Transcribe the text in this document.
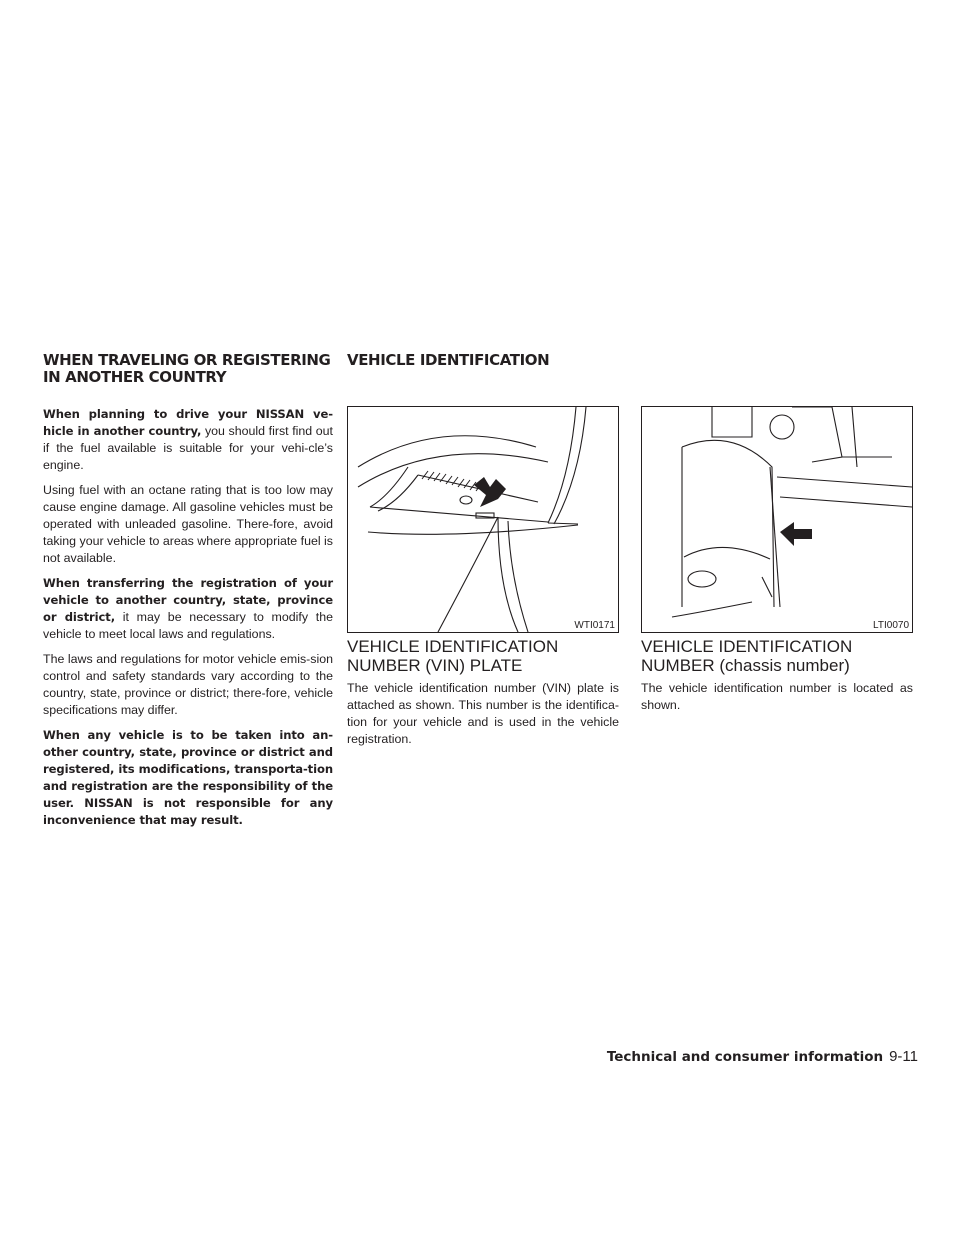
WHEN TRAVELING OR REGISTERING IN ANOTHER COUNTRY
VEHICLE IDENTIFICATION

When planning to drive your NISSAN ve-hicle in another country, you should first find out if the fuel available is suitable for your vehi-cle’s engine.

Using fuel with an octane rating that is too low may cause engine damage. All gasoline vehicles must be operated with unleaded gasoline. There-fore, avoid taking your vehicle to areas where appropriate fuel is not available.

When transferring the registration of your vehicle to another country, state, province or district, it may be necessary to modify the vehicle to meet local laws and regulations.

The laws and regulations for motor vehicle emis-sion control and safety standards vary according to the country, state, province or district; there-fore, vehicle specifications may differ.

When any vehicle is to be taken into an-other country, state, province or district and registered, its modifications, transporta-tion and registration are the responsibility of the user. NISSAN is not responsible for any inconvenience that may result.

WTI0171	LTI0070
VEHICLE IDENTIFICATION NUMBER (VIN) PLATE
VEHICLE IDENTIFICATION NUMBER (chassis number)

The vehicle identification number (VIN) plate is attached as shown. This number is the identifica-tion for your vehicle and is used in the vehicle registration.

The vehicle identification number is located as shown.

Technical and consumer information 9-11
